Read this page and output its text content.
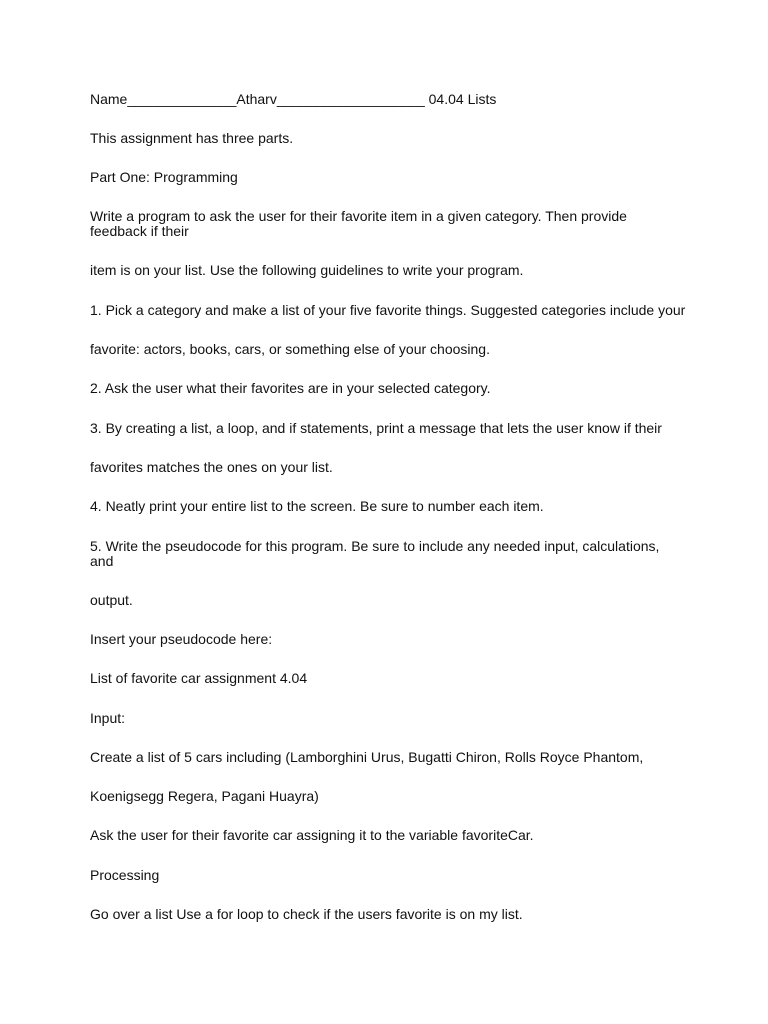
Name______________Atharv___________________ 04.04 Lists

This assignment has three parts.

Part One: Programming

Write a program to ask the user for their favorite item in a given category. Then provide feedback if their

item is on your list. Use the following guidelines to write your program.

1. Pick a category and make a list of your five favorite things. Suggested categories include your

favorite: actors, books, cars, or something else of your choosing.

2. Ask the user what their favorites are in your selected category.

3. By creating a list, a loop, and if statements, print a message that lets the user know if their

favorites matches the ones on your list.

4. Neatly print your entire list to the screen. Be sure to number each item.

5. Write the pseudocode for this program. Be sure to include any needed input, calculations, and

output.

Insert your pseudocode here:

List of favorite car assignment 4.04

Input:

Create a list of 5 cars including (Lamborghini Urus, Bugatti Chiron, Rolls Royce Phantom,

Koenigsegg Regera, Pagani Huayra)

Ask the user for their favorite car assigning it to the variable favoriteCar.

Processing

Go over a list Use a for loop to check if the users favorite is on my list.
